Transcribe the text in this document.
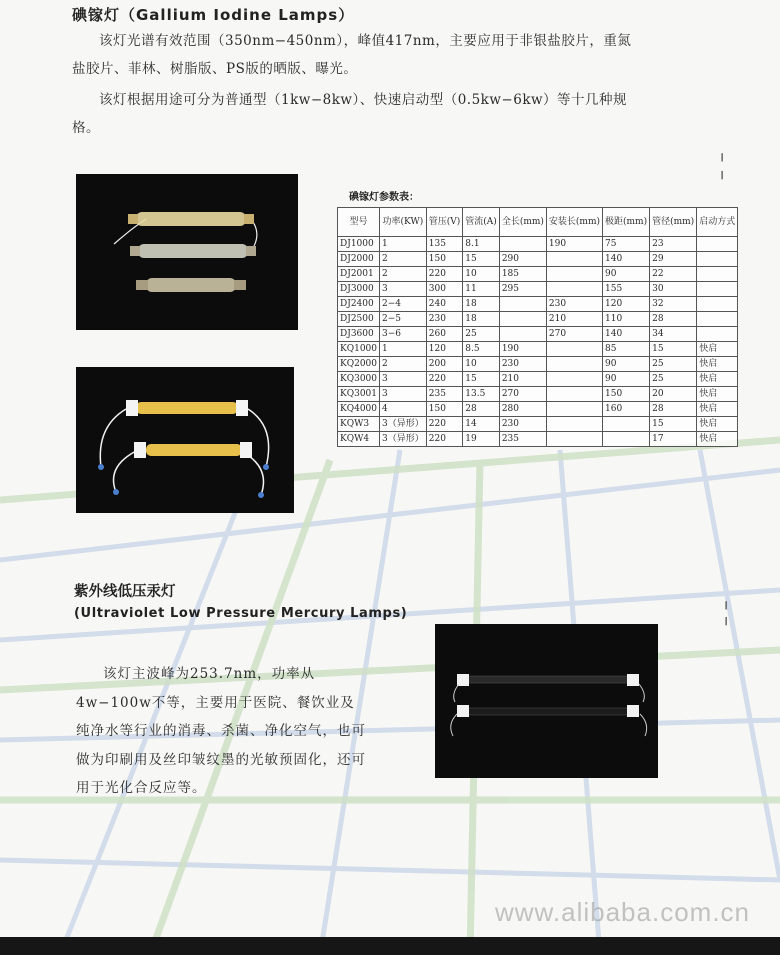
碘镓灯（Gallium Iodine Lamps）
该灯光谱有效范围（350nm−450nm），峰值417nm，主要应用于非银盐胶片，重氮盐胶片、菲林、树脂版、PS版的晒版、曝光。
该灯根据用途可分为普通型（1kw−8kw）、快速启动型（0.5kw−6kw）等十几种规格。
碘镓灯参数表：
型号	功率(KW)	管压(V)	管流(A)	全长(mm)	安装长(mm)	极距(mm)	管径(mm)	启动方式
DJ1000	1	135	8.1		190	75	23	
DJ2000	2	150	15	290		140	29	
DJ2001	2	220	10	185		90	22	
DJ3000	3	300	11	295		155	30	
DJ2400	2−4	240	18		230	120	32	
DJ2500	2−5	230	18		210	110	28	
DJ3600	3−6	260	25		270	140	34	
KQ1000	1	120	8.5	190		85	15	快启
KQ2000	2	200	10	230		90	25	快启
KQ3000	3	220	15	210		90	25	快启
KQ3001	3	235	13.5	270		150	20	快启
KQ4000	4	150	28	280		160	28	快启
KQW3	3（异形）	220	14	230			15	快启
KQW4	3（异形）	220	19	235			17	快启
╷
╵
╷
╵
紫外线低压汞灯
(Ultraviolet Low Pressure Mercury Lamps)
该灯主波峰为253.7nm，功率从4w−100w不等，主要用于医院、餐饮业及纯净水等行业的消毒、杀菌、净化空气，也可做为印刷用及丝印皱纹墨的光敏预固化，还可用于光化合反应等。
www.alibaba.com.cn
